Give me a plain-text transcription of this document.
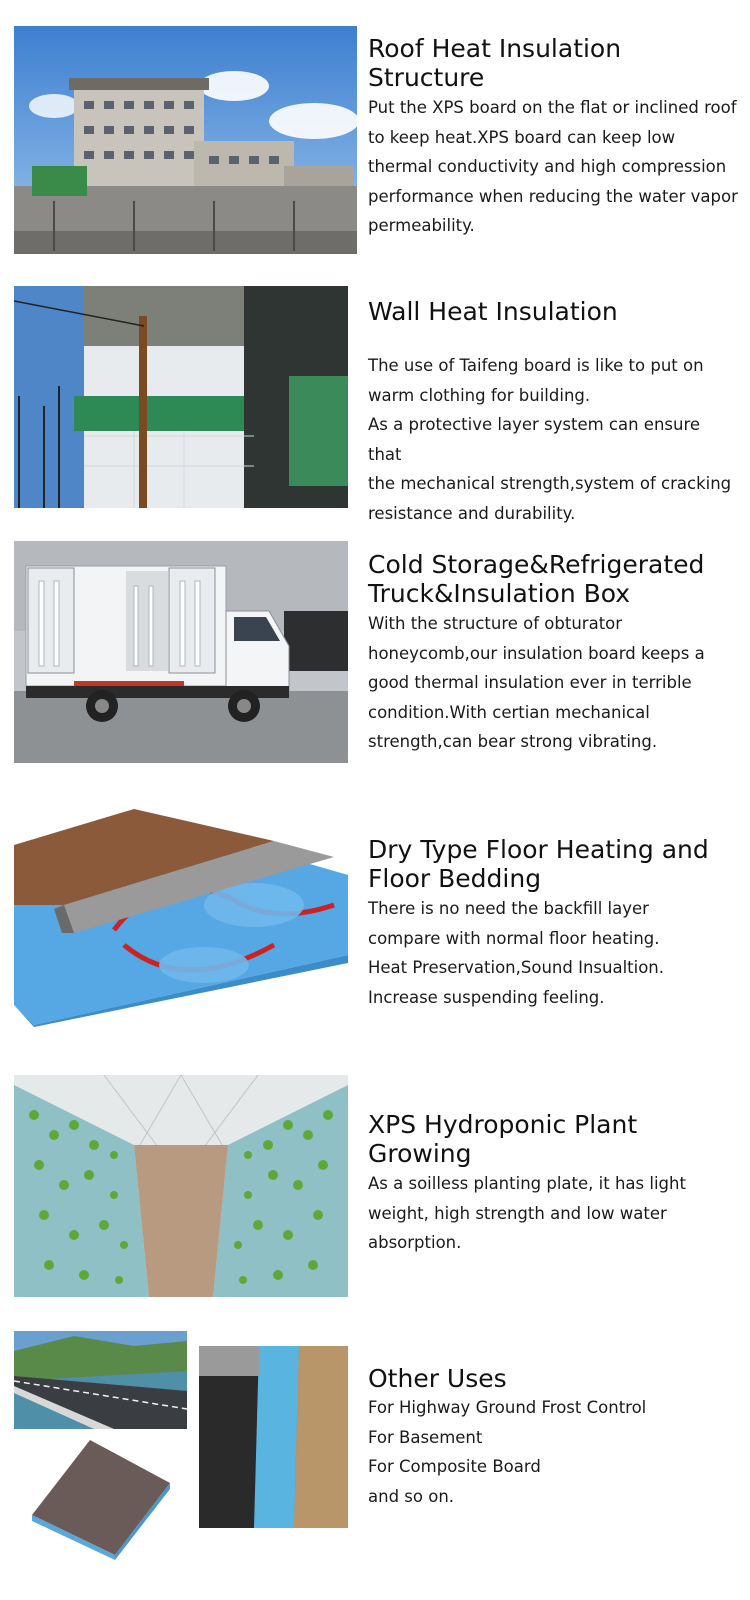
Roof Heat Insulation Structure

Put the XPS board on the flat or inclined roof

to keep heat.XPS board can keep low

thermal conductivity and high compression

performance when reducing the water vapor

permeability.

Wall Heat Insulation

The use of Taifeng board is like to put on

warm clothing for building.

As a protective layer system can ensure that

the mechanical strength,system of cracking

resistance and durability.

Cold Storage&Refrigerated Truck&Insulation Box

With the structure of obturator

honeycomb,our insulation board keeps a

good thermal insulation ever in terrible

condition.With certian mechanical

strength,can bear strong vibrating.

Dry Type Floor Heating and Floor Bedding

There is no need the backfill layer

compare with normal floor heating.

Heat Preservation,Sound Insualtion.

Increase suspending feeling.

XPS Hydroponic Plant Growing

As a soilless planting plate, it has light

weight, high strength and low water

absorption.

Other Uses

For Highway Ground Frost Control

For Basement

For Composite Board

and so on.
